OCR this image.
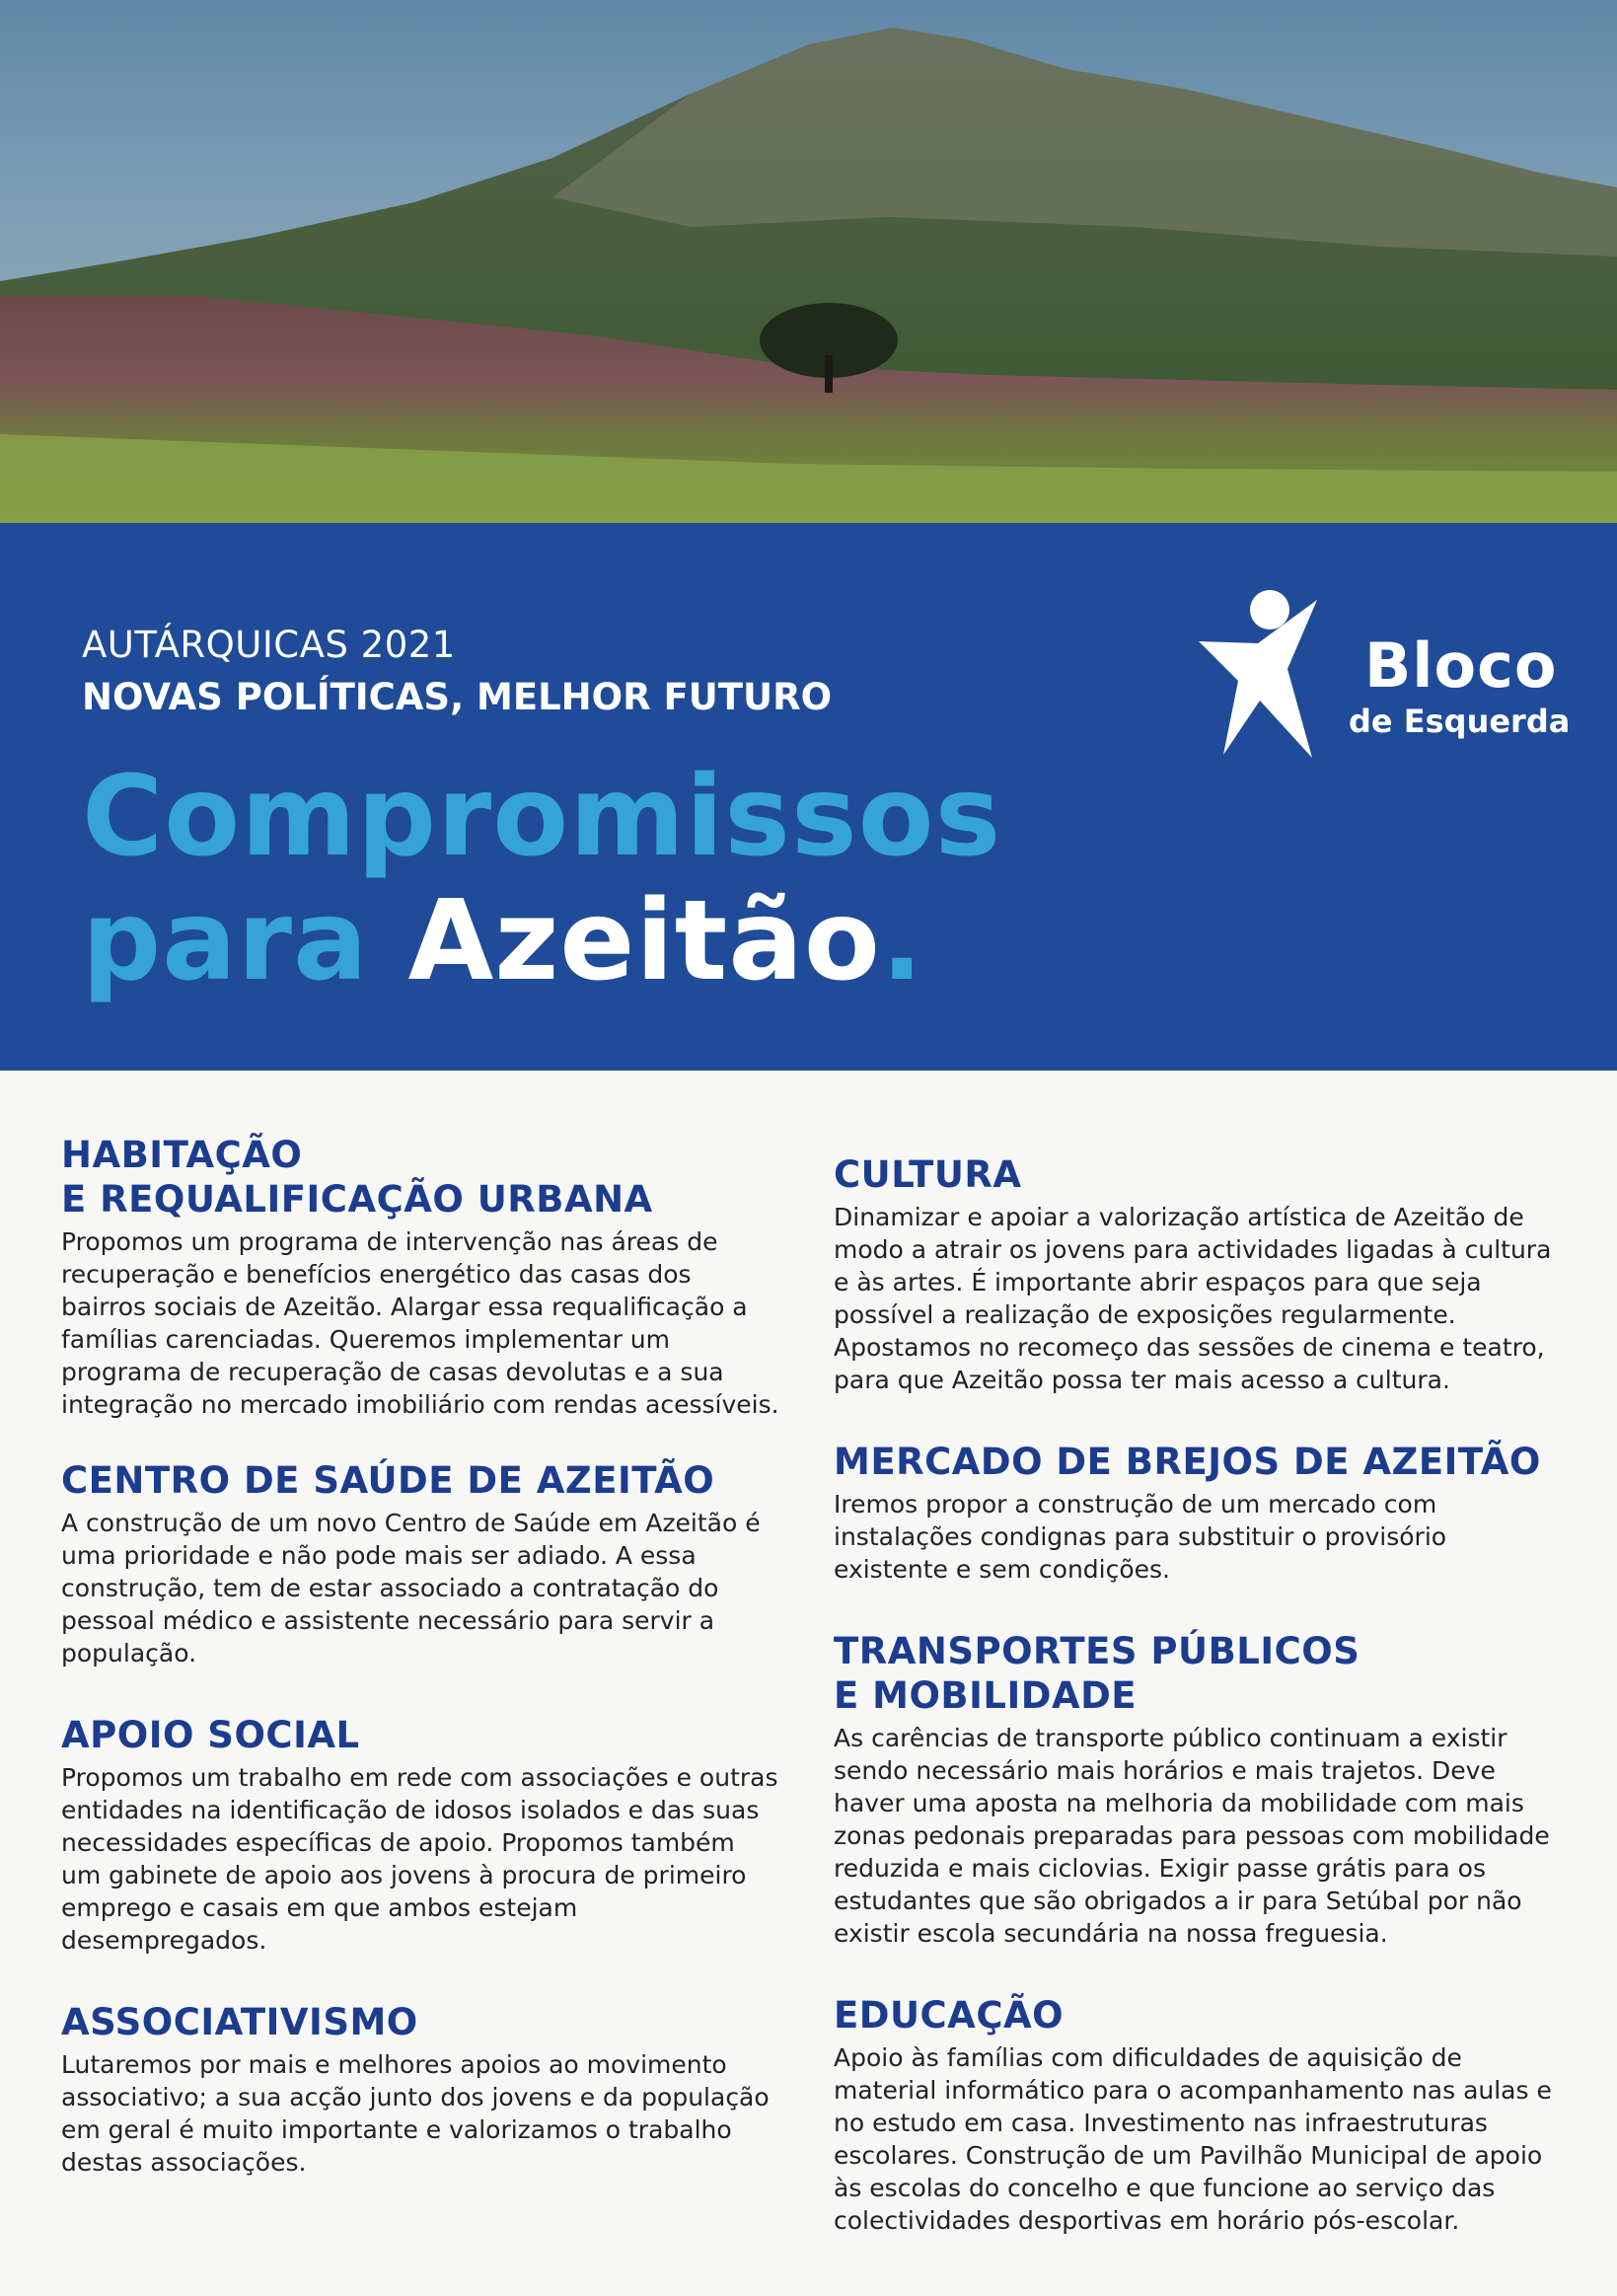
AUTÁRQUICAS 2021
NOVAS POLÍTICAS, MELHOR FUTURO
Compromissos
para Azeitão.
Bloco
de Esquerda
HABITAÇÃO
E REQUALIFICAÇÃO URBANA

Propomos um programa de intervenção nas áreas de recuperação e benefícios energético das casas dos bairros sociais de Azeitão. Alargar essa requalificação a famílias carenciadas. Queremos implementar um programa de recuperação de casas devolutas e a sua integração no mercado imobiliário com rendas acessíveis.

CENTRO DE SAÚDE DE AZEITÃO

A construção de um novo Centro de Saúde em Azeitão é uma prioridade e não pode mais ser adiado. A essa construção, tem de estar associado a contratação do pessoal médico e assistente necessário para servir a população.

APOIO SOCIAL

Propomos um trabalho em rede com associações e outras entidades na identificação de idosos isolados e das suas necessidades específicas de apoio. Propomos também um gabinete de apoio aos jovens à procura de primeiro emprego e casais em que ambos estejam desempregados.

ASSOCIATIVISMO

Lutaremos por mais e melhores apoios ao movimento associativo; a sua acção junto dos jovens e da população em geral é muito importante e valorizamos o trabalho destas associações.

CULTURA

Dinamizar e apoiar a valorização artística de Azeitão de modo a atrair os jovens para actividades ligadas à cultura e às artes. É importante abrir espaços para que seja possível a realização de exposições regularmente. Apostamos no recomeço das sessões de cinema e teatro, para que Azeitão possa ter mais acesso a cultura.

MERCADO DE BREJOS DE AZEITÃO

Iremos propor a construção de um mercado com instalações condignas para substituir o provisório existente e sem condições.

TRANSPORTES PÚBLICOS
E MOBILIDADE

As carências de transporte público continuam a existir sendo necessário mais horários e mais trajetos. Deve haver uma aposta na melhoria da mobilidade com mais zonas pedonais preparadas para pessoas com mobilidade reduzida e mais ciclovias. Exigir passe grátis para os estudantes que são obrigados a ir para Setúbal por não existir escola secundária na nossa freguesia.

EDUCAÇÃO

Apoio às famílias com dificuldades de aquisição de material informático para o acompanhamento nas aulas e no estudo em casa. Investimento nas infraestruturas escolares. Construção de um Pavilhão Municipal de apoio às escolas do concelho e que funcione ao serviço das colectividades desportivas em horário pós-escolar.
